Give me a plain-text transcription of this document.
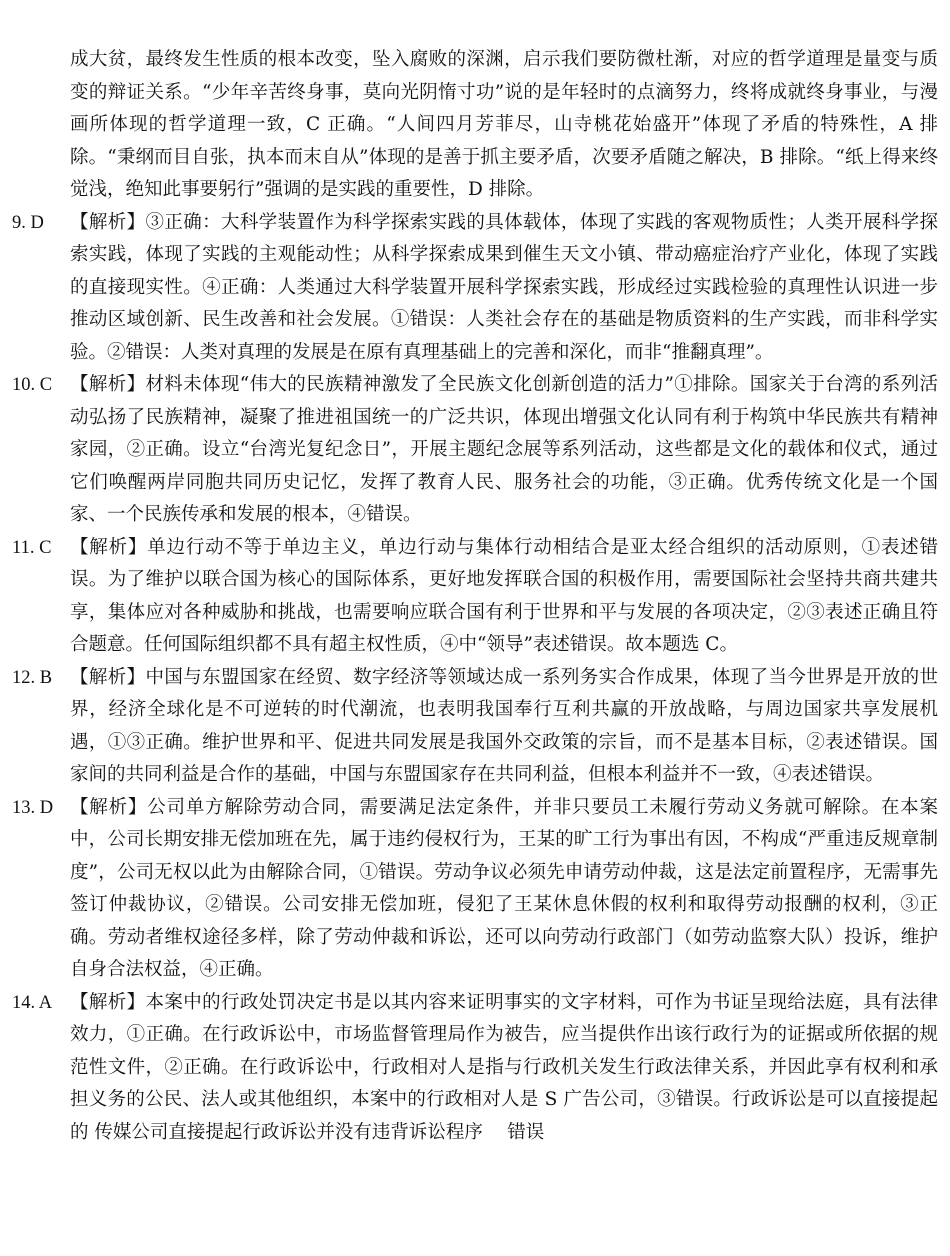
成大贫，最终发生性质的根本改变，坠入腐败的深渊，启示我们要防微杜渐，对应的哲学道理是量变与质变的辩证关系。“少年辛苦终身事，莫向光阴惰寸功”说的是年轻时的点滴努力，终将成就终身事业，与漫画所体现的哲学道理一致，C 正确。“人间四月芳菲尽，山寺桃花始盛开”体现了矛盾的特殊性，A 排除。“秉纲而目自张，执本而末自从”体现的是善于抓主要矛盾，次要矛盾随之解决，B 排除。“纸上得来终觉浅，绝知此事要躬行”强调的是实践的重要性，D 排除。
9. D	【解析】③正确：大科学装置作为科学探索实践的具体载体，体现了实践的客观物质性；人类开展科学探索实践，体现了实践的主观能动性；从科学探索成果到催生天文小镇、带动癌症治疗产业化，体现了实践的直接现实性。④正确：人类通过大科学装置开展科学探索实践，形成经过实践检验的真理性认识进一步推动区域创新、民生改善和社会发展。①错误：人类社会存在的基础是物质资料的生产实践，而非科学实验。②错误：人类对真理的发展是在原有真理基础上的完善和深化，而非“推翻真理”。
10. C 【解析】材料未体现“伟大的民族精神激发了全民族文化创新创造的活力”①排除。国家关于台湾的系列活动弘扬了民族精神，凝聚了推进祖国统一的广泛共识，体现出增强文化认同有利于构筑中华民族共有精神家园，②正确。设立“台湾光复纪念日”，开展主题纪念展等系列活动，这些都是文化的载体和仪式，通过它们唤醒两岸同胞共同历史记忆，发挥了教育人民、服务社会的功能，③正确。优秀传统文化是一个国家、一个民族传承和发展的根本，④错误。
11. C	【解析】单边行动不等于单边主义，单边行动与集体行动相结合是亚太经合组织的活动原则，①表述错误。为了维护以联合国为核心的国际体系，更好地发挥联合国的积极作用，需要国际社会坚持共商共建共享，集体应对各种威胁和挑战，也需要响应联合国有利于世界和平与发展的各项决定，②③表述正确且符合题意。任何国际组织都不具有超主权性质，④中“领导”表述错误。故本题选 C。
12. B 【解析】中国与东盟国家在经贸、数字经济等领域达成一系列务实合作成果，体现了当今世界是开放的世界，经济全球化是不可逆转的时代潮流，也表明我国奉行互利共赢的开放战略，与周边国家共享发展机遇，①③正确。维护世界和平、促进共同发展是我国外交政策的宗旨，而不是基本目标，②表述错误。国家间的共同利益是合作的基础，中国与东盟国家存在共同利益，但根本利益并不一致，④表述错误。
13. D 【解析】公司单方解除劳动合同，需要满足法定条件，并非只要员工未履行劳动义务就可解除。在本案中，公司长期安排无偿加班在先，属于违约侵权行为，王某的旷工行为事出有因，不构成“严重违反规章制度”，公司无权以此为由解除合同，①错误。劳动争议必须先申请劳动仲裁，这是法定前置程序，无需事先签订仲裁协议，②错误。公司安排无偿加班，侵犯了王某休息休假的权利和取得劳动报酬的权利，③正确。劳动者维权途径多样，除了劳动仲裁和诉讼，还可以向劳动行政部门（如劳动监察大队）投诉，维护自身合法权益，④正确。
14. A 【解析】本案中的行政处罚决定书是以其内容来证明事实的文字材料，可作为书证呈现给法庭，具有法律效力，①正确。在行政诉讼中，市场监督管理局作为被告，应当提供作出该行政行为的证据或所依据的规范性文件，②正确。在行政诉讼中，行政相对人是指与行政机关发生行政法律关系，并因此享有权利和承担义务的公民、法人或其他组织，本案中的行政相对人是 S 广告公司，③错误。行政诉讼是可以直接提起的 传媒公司直接提起行政诉讼并没有违背诉讼程序　 错误
